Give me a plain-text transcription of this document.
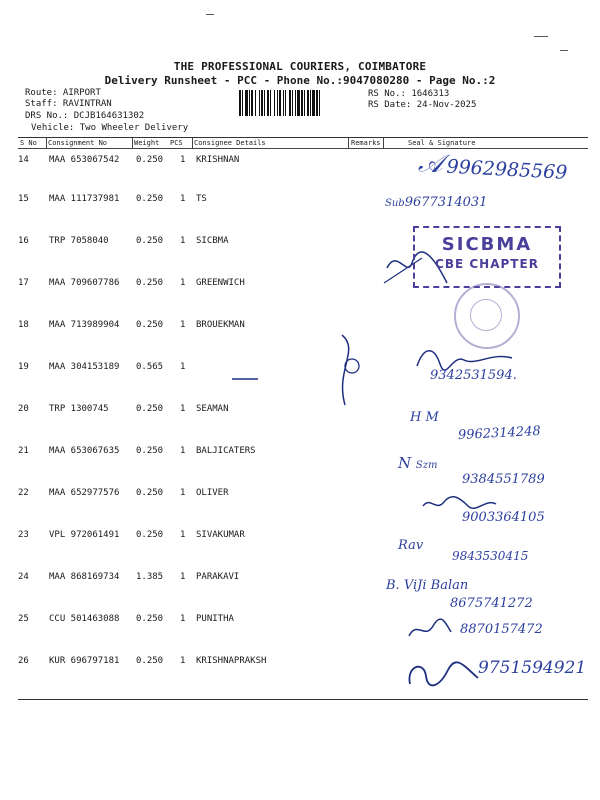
THE PROFESSIONAL COURIERS, COIMBATORE
Delivery Runsheet - PCC - Phone No.:9047080280 - Page No.:2
Route: AIRPORT
Staff: RAVINTRAN
DRS No.: DCJB164631302
Vehicle: Two Wheeler Delivery
RS No.: 1646313
RS Date: 24-Nov-2025
S No Consignment No	Weight PCS Consignee Details	Remarks	Seal & Signature
14 MAA 653067542 0.250 1 KRISHNAN
15 MAA 111737981 0.250 1 TS
16 TRP 7058040	0.250 1 SICBMA
17 MAA 709607786 0.250 1 GREENWICH
18 MAA 713989904 0.250 1 BROUEKMAN
19 MAA 304153189 0.565 1
20 TRP 1300745	0.250 1 SEAMAN
21 MAA 653067635 0.250 1 BALJICATERS
22 MAA 652977576 0.250 1 OLIVER
23 VPL 972061491 0.250 1 SIVAKUMAR
24 MAA 868169734 1.385 1 PARAKAVI
25 CCU 501463088 0.250 1 PUNITHA
26 KUR 696797181 0.250 1 KRISHNAPRAKSH
𝒜 9962985569
Sub9677314031
SICBMA
CBE CHAPTER
9342531594.
H M
9962314248
N Szm
9384551789
9003364105
Rav
9843530415
B. ViJi Balan
8675741272
8870157472
9751594921
